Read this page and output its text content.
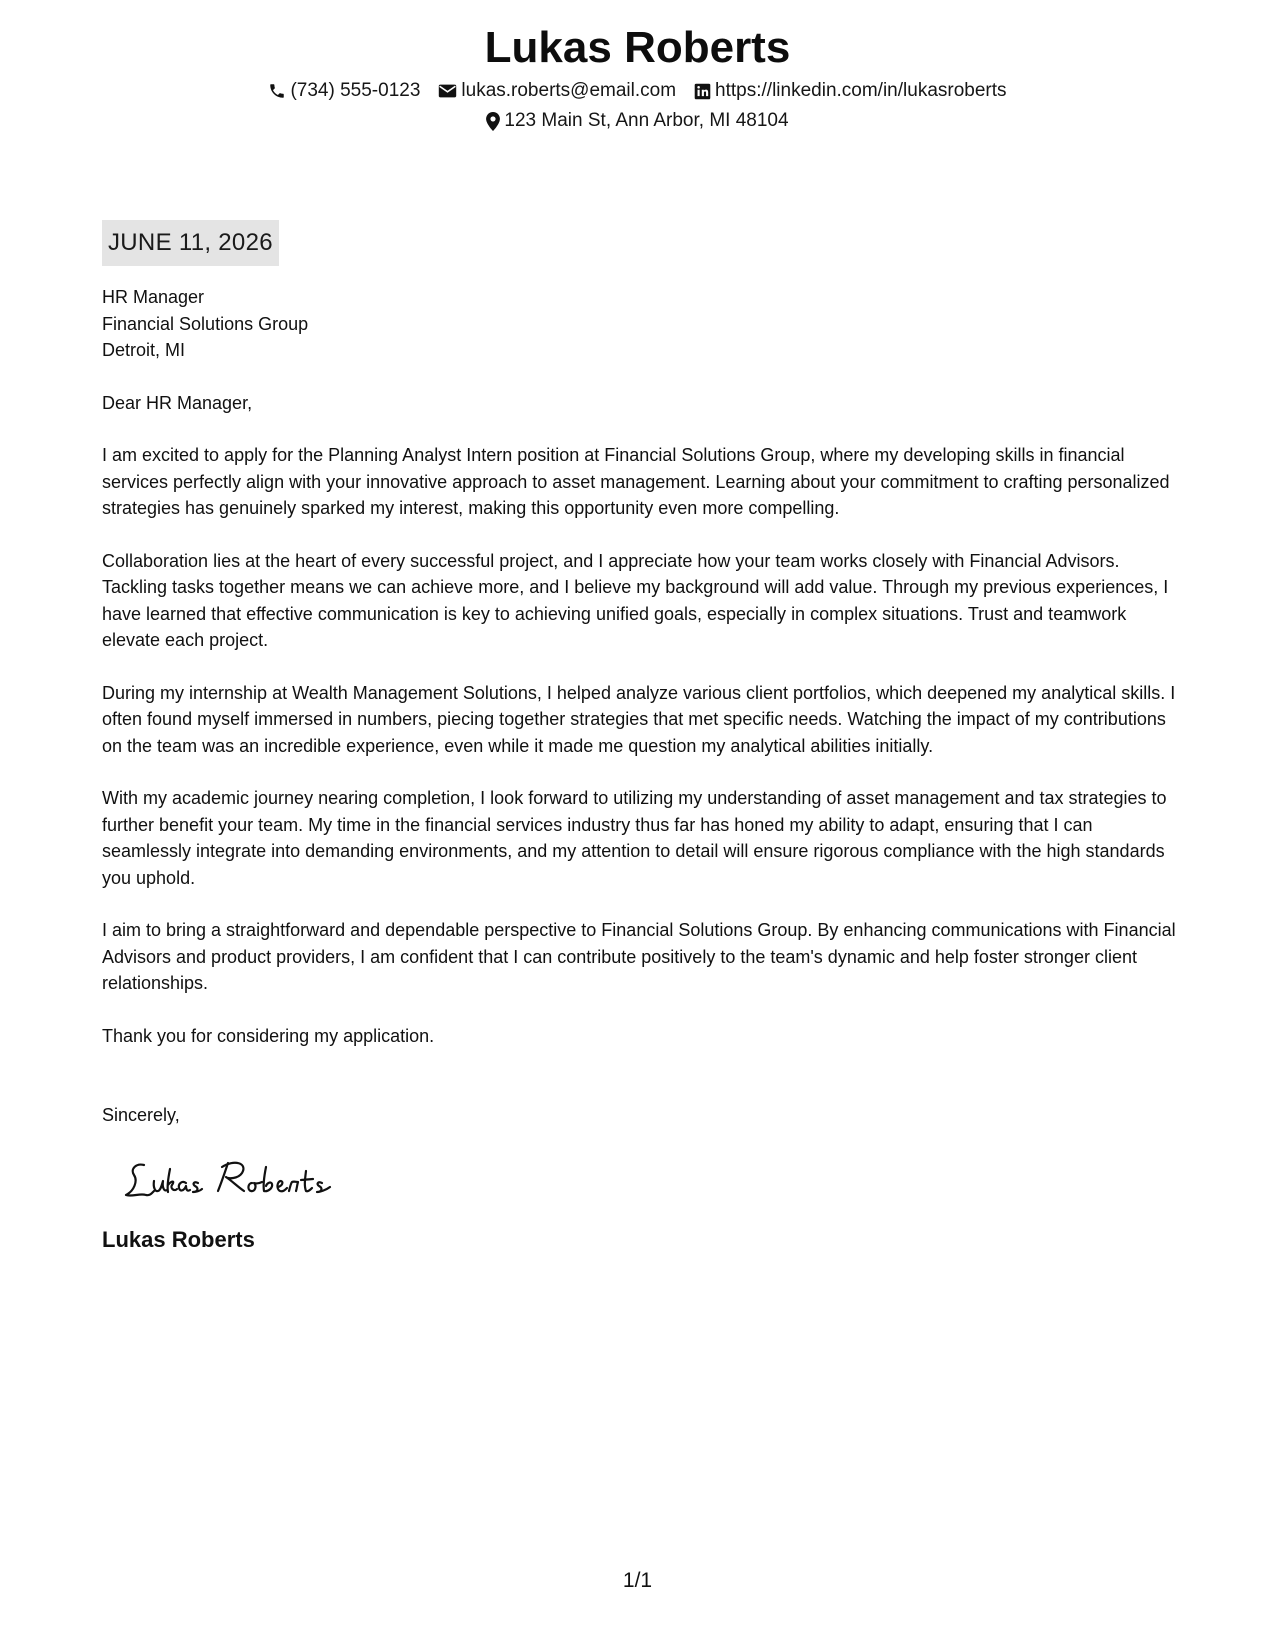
Lukas Roberts
(734) 555-0123 lukas.roberts@email.com https://linkedin.com/in/lukasroberts
123 Main St, Ann Arbor, MI 48104
JUNE 11, 2026

HR Manager

Financial Solutions Group

Detroit, MI

Dear HR Manager,

I am excited to apply for the Planning Analyst Intern position at Financial Solutions Group, where my developing skills in financial services perfectly align with your innovative approach to asset management. Learning about your commitment to crafting personalized strategies has genuinely sparked my interest, making this opportunity even more compelling.

Collaboration lies at the heart of every successful project, and I appreciate how your team works closely with Financial Advisors. Tackling tasks together means we can achieve more, and I believe my background will add value. Through my previous experiences, I have learned that effective communication is key to achieving unified goals, especially in complex situations. Trust and teamwork elevate each project.

During my internship at Wealth Management Solutions, I helped analyze various client portfolios, which deepened my analytical skills. I often found myself immersed in numbers, piecing together strategies that met specific needs. Watching the impact of my contributions on the team was an incredible experience, even while it made me question my analytical abilities initially.

With my academic journey nearing completion, I look forward to utilizing my understanding of asset management and tax strategies to further benefit your team. My time in the financial services industry thus far has honed my ability to adapt, ensuring that I can seamlessly integrate into demanding environments, and my attention to detail will ensure rigorous compliance with the high standards you uphold.

I aim to bring a straightforward and dependable perspective to Financial Solutions Group. By enhancing communications with Financial Advisors and product providers, I am confident that I can contribute positively to the team's dynamic and help foster stronger client relationships.

Thank you for considering my application.

Sincerely,

Lukas Roberts

1/1
